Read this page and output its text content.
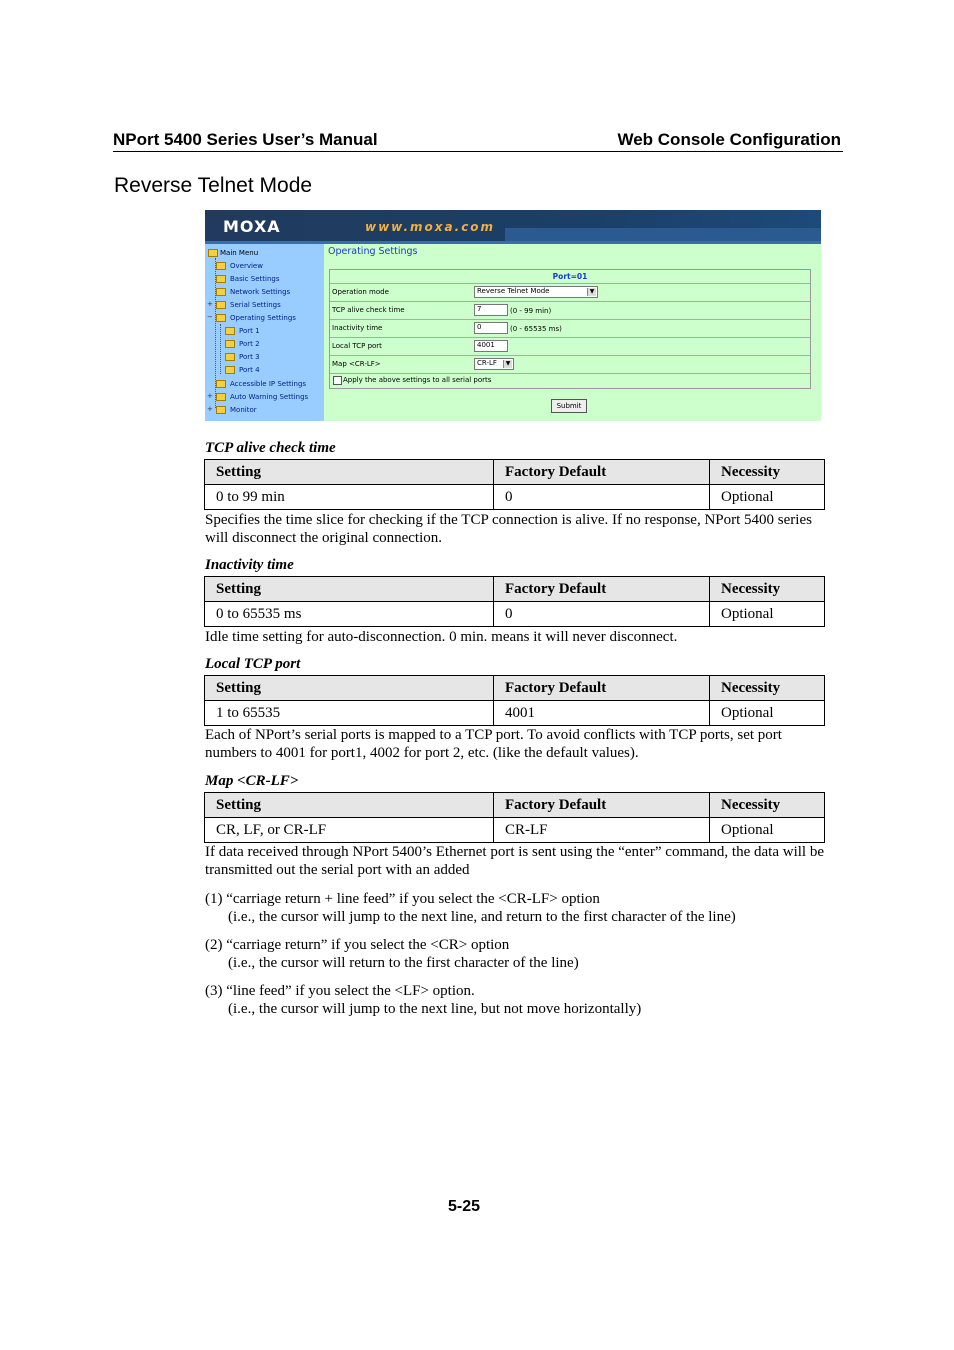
NPort 5400 Series User’s Manual	Web Console Configuration
Reverse Telnet Mode
MOXA	www.moxa.com
Main Menu
Overview
Basic Settings
Network Settings
+ Serial Settings
− Operating Settings
Port 1
Port 2
Port 3
Port 4
Accessible IP Settings
+ Auto Warning Settings
+ Monitor
Operating Settings
Port=01
Operation mode	Reverse Telnet Mode	▼
TCP alive check time	7	(0 - 99 min)
Inactivity time	0	(0 - 65535 ms)
Local TCP port	4001
Map <CR-LF>	CR-LF	▼
Apply the above settings to all serial ports
Submit
TCP alive check time
Setting	Factory Default	Necessity
0 to 99 min	0	Optional
Specifies the time slice for checking if the TCP connection is alive. If no response, NPort 5400 series
will disconnect the original connection.
Inactivity time
Setting	Factory Default	Necessity
0 to 65535 ms	0	Optional
Idle time setting for auto-disconnection. 0 min. means it will never disconnect.
Local TCP port
Setting	Factory Default	Necessity
1 to 65535	4001	Optional
Each of NPort’s serial ports is mapped to a TCP port. To avoid conflicts with TCP ports, set port
numbers to 4001 for port1, 4002 for port 2, etc. (like the default values).
Map <CR-LF>
Setting	Factory Default	Necessity
CR, LF, or CR-LF	CR-LF	Optional
If data received through NPort 5400’s Ethernet port is sent using the “enter” command, the data will be
transmitted out the serial port with an added
(1) “carriage return + line feed” if you select the <CR-LF> option
(i.e., the cursor will jump to the next line, and return to the first character of the line)
(2) “carriage return” if you select the <CR> option
(i.e., the cursor will return to the first character of the line)
(3) “line feed” if you select the <LF> option.
(i.e., the cursor will jump to the next line, but not move horizontally)
5-25
